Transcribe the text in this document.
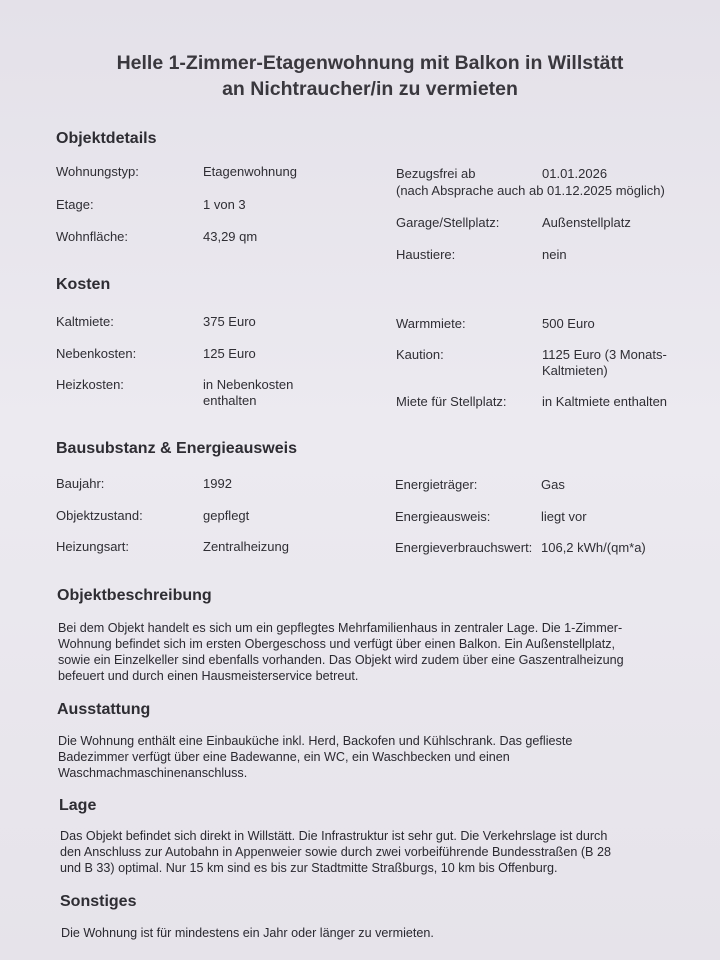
Helle 1-Zimmer-Etagenwohnung mit Balkon in Willstätt
an Nichtraucher/in zu vermieten
Objektdetails
Wohnungstyp:	Etagenwohnung
Etage:	1 von 3
Wohnfläche:	43,29 qm
Bezugsfrei ab	01.01.2026
(nach Absprache auch ab 01.12.2025 möglich)
Garage/Stellplatz:	Außenstellplatz
Haustiere:	nein
Kosten
Kaltmiete:	375 Euro
Nebenkosten:	125 Euro
Heizkosten:	in Nebenkosten
enthalten
Warmmiete:	500 Euro
Kaution:	1125 Euro (3 Monats-
Kaltmieten)
Miete für Stellplatz:	in Kaltmiete enthalten
Bausubstanz & Energieausweis
Baujahr:	1992
Objektzustand:	gepflegt
Heizungsart:	Zentralheizung
Energieträger:	Gas
Energieausweis:	liegt vor
Energieverbrauchswert: 106,2 kWh/(qm*a)
Objektbeschreibung
Bei dem Objekt handelt es sich um ein gepflegtes Mehrfamilienhaus in zentraler Lage. Die 1-Zimmer-
Wohnung befindet sich im ersten Obergeschoss und verfügt über einen Balkon. Ein Außenstellplatz,
sowie ein Einzelkeller sind ebenfalls vorhanden. Das Objekt wird zudem über eine Gaszentralheizung
befeuert und durch einen Hausmeisterservice betreut.
Ausstattung
Die Wohnung enthält eine Einbauküche inkl. Herd, Backofen und Kühlschrank. Das geflieste
Badezimmer verfügt über eine Badewanne, ein WC, ein Waschbecken und einen
Waschmachmaschinenanschluss.
Lage
Das Objekt befindet sich direkt in Willstätt. Die Infrastruktur ist sehr gut. Die Verkehrslage ist durch
den Anschluss zur Autobahn in Appenweier sowie durch zwei vorbeiführende Bundesstraßen (B 28
und B 33) optimal. Nur 15 km sind es bis zur Stadtmitte Straßburgs, 10 km bis Offenburg.
Sonstiges
Die Wohnung ist für mindestens ein Jahr oder länger zu vermieten.
